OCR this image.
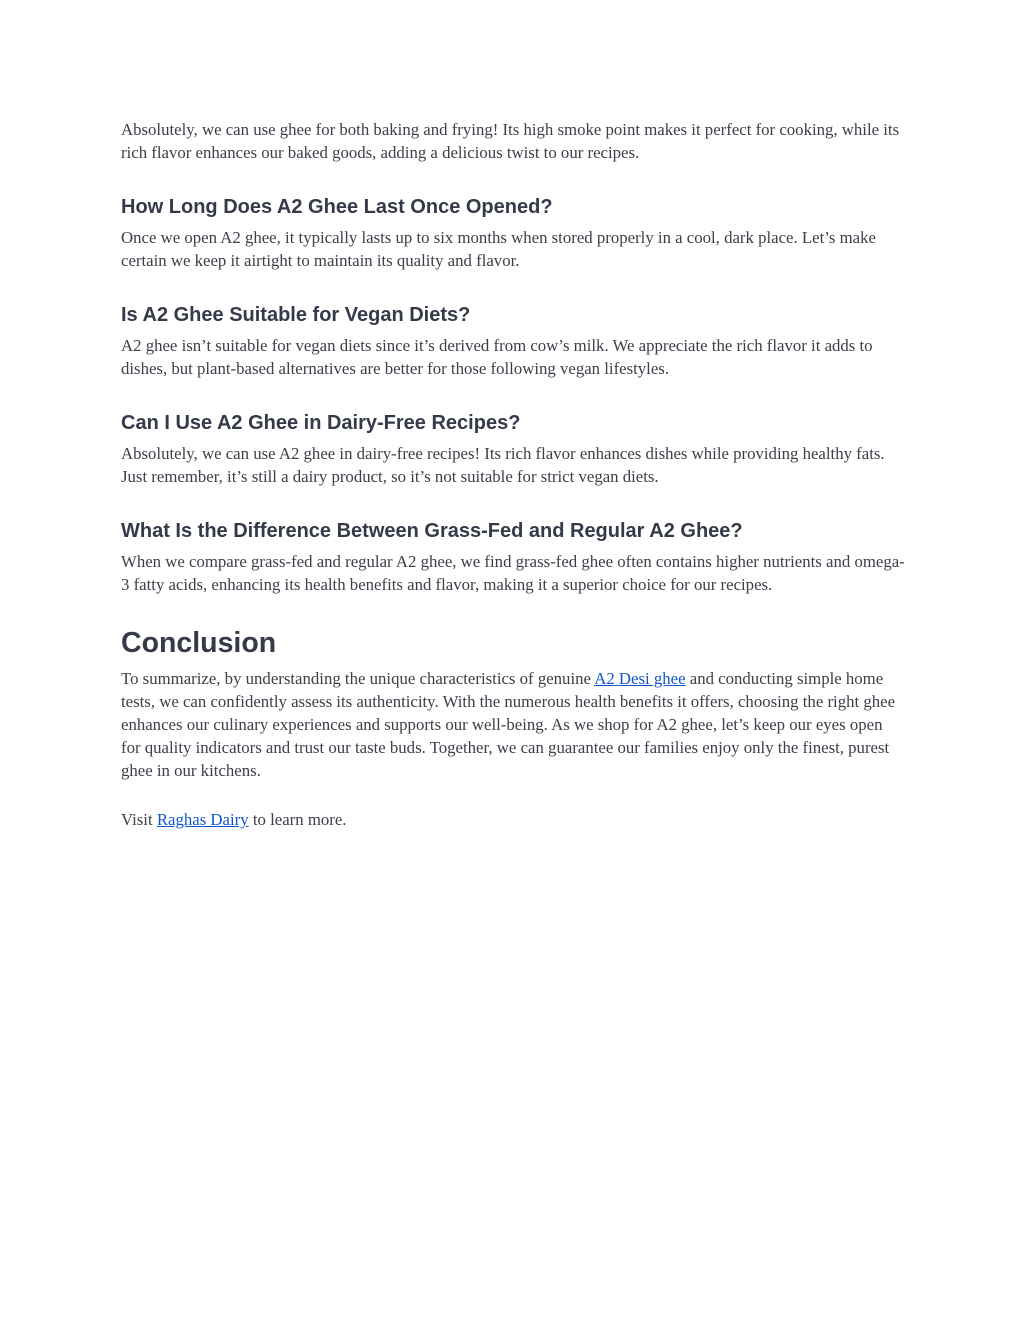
Absolutely, we can use ghee for both baking and frying! Its high smoke point makes it perfect for cooking, while its rich flavor enhances our baked goods, adding a delicious twist to our recipes.

How Long Does A2 Ghee Last Once Opened?

Once we open A2 ghee, it typically lasts up to six months when stored properly in a cool, dark place. Let’s make certain we keep it airtight to maintain its quality and flavor.

Is A2 Ghee Suitable for Vegan Diets?

A2 ghee isn’t suitable for vegan diets since it’s derived from cow’s milk. We appreciate the rich flavor it adds to dishes, but plant-based alternatives are better for those following vegan lifestyles.

Can I Use A2 Ghee in Dairy-Free Recipes?

Absolutely, we can use A2 ghee in dairy-free recipes! Its rich flavor enhances dishes while providing healthy fats. Just remember, it’s still a dairy product, so it’s not suitable for strict vegan diets.

What Is the Difference Between Grass-Fed and Regular A2 Ghee?

When we compare grass-fed and regular A2 ghee, we find grass-fed ghee often contains higher nutrients and omega-3 fatty acids, enhancing its health benefits and flavor, making it a superior choice for our recipes.

Conclusion

To summarize, by understanding the unique characteristics of genuine A2 Desi ghee and conducting simple home tests, we can confidently assess its authenticity. With the numerous health benefits it offers, choosing the right ghee enhances our culinary experiences and supports our well-being. As we shop for A2 ghee, let’s keep our eyes open for quality indicators and trust our taste buds. Together, we can guarantee our families enjoy only the finest, purest ghee in our kitchens.

Visit Raghas Dairy to learn more.
